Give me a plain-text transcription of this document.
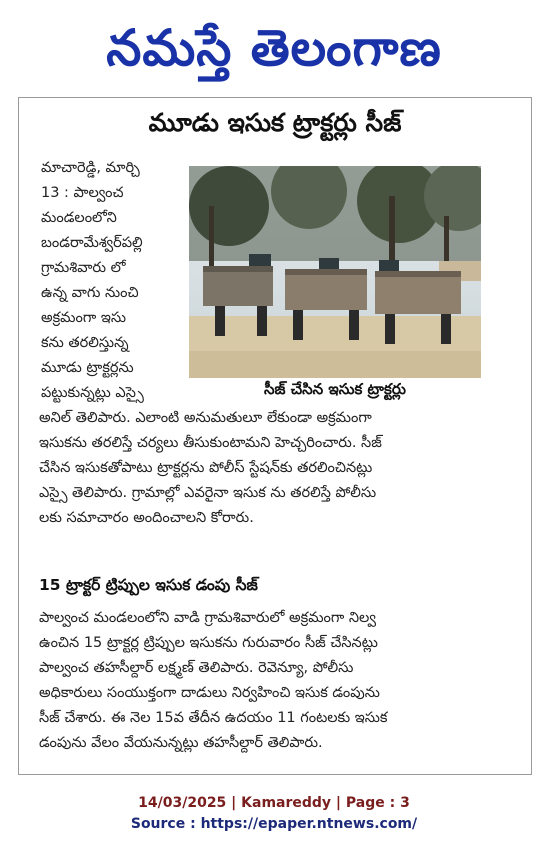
నమస్తే తెలంగాణ
మూడు ఇసుక ట్రాక్టర్లు సీజ్

మాచారెడ్డి, మార్చి

13 : పాల్వంచ

మండలంలోని

బండరామేశ్వర్‌పల్లి

గ్రామశివారు లో

ఉన్న వాగు నుంచి

అక్రమంగా ఇసు

కను తరలిస్తున్న

మూడు ట్రాక్టర్లను

పట్టుకున్నట్లు ఎస్సై	సీజ్ చేసిన ఇసుక ట్రాక్టర్లు

అనిల్ తెలిపారు. ఎలాంటి అనుమతులూ లేకుండా అక్రమంగా

ఇసుకను తరలిస్తే చర్యలు తీసుకుంటామని హెచ్చరించారు. సీజ్

చేసిన ఇసుకతోపాటు ట్రాక్టర్లను పోలీస్ స్టేషన్‌కు తరలించినట్లు

ఎస్సై తెలిపారు. గ్రామాల్లో ఎవరైనా ఇసుక ను తరలిస్తే పోలీసు

లకు సమాచారం అందించాలని కోరారు.

15 ట్రాక్టర్ ట్రిప్పుల ఇసుక డంపు సీజ్

పాల్వంచ మండలంలోని వాడి గ్రామశివారులో అక్రమంగా నిల్వ

ఉంచిన 15 ట్రాక్టర్ల ట్రిప్పుల ఇసుకను గురువారం సీజ్ చేసినట్లు

పాల్వంచ తహసీల్దార్ లక్ష్మణ్ తెలిపారు. రెవెన్యూ, పోలీసు

అధికారులు సంయుక్తంగా దాడులు నిర్వహించి ఇసుక డంపును

సీజ్ చేశారు. ఈ నెల 15వ తేదీన ఉదయం 11 గంటలకు ఇసుక

డంపును వేలం వేయనున్నట్లు తహసీల్దార్ తెలిపారు.

14/03/2025 | Kamareddy | Page : 3
Source : https://epaper.ntnews.com/
